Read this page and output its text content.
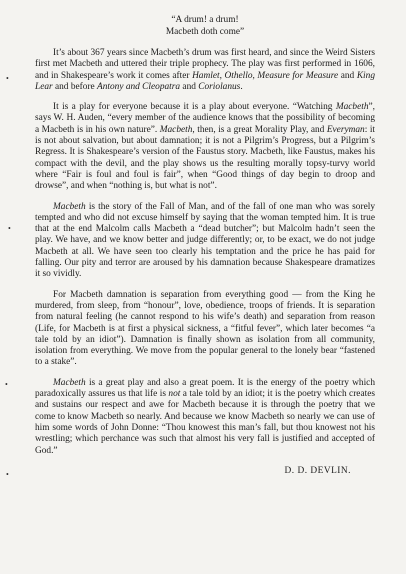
•
•
•
•
“A drum! a drum!
Macbeth doth come”

It’s about 367 years since Macbeth’s drum was first heard, and since the Weird Sisters first met Macbeth and uttered their triple prophecy. The play was first performed in 1606, and in Shakespeare’s work it comes after Hamlet, Othello, Measure for Measure and King Lear and before Antony and Cleopatra and Coriolanus.

It is a play for everyone because it is a play about everyone. “Watching Macbeth”, says W. H. Auden, “every member of the audience knows that the possibility of becoming a Macbeth is in his own nature”. Macbeth, then, is a great Morality Play, and Everyman: it is not about salvation, but about damnation; it is not a Pilgrim’s Progress, but a Pilgrim’s Regress. It is Shakespeare’s version of the Faustus story. Macbeth, like Faustus, makes his compact with the devil, and the play shows us the resulting morally topsy-turvy world where “Fair is foul and foul is fair”, when “Good things of day begin to droop and drowse”, and when “nothing is, but what is not”.

Macbeth is the story of the Fall of Man, and of the fall of one man who was sorely tempted and who did not excuse himself by saying that the woman tempted him. It is true that at the end Malcolm calls Macbeth a “dead butcher”; but Malcolm hadn’t seen the play. We have, and we know better and judge differently; or, to be exact, we do not judge Macbeth at all. We have seen too clearly his temptation and the price he has paid for falling. Our pity and terror are aroused by his damnation because Shakespeare dramatizes it so vividly.

For Macbeth damnation is separation from everything good — from the King he murdered, from sleep, from “honour”, love, obedience, troops of friends. It is separation from natural feeling (he cannot respond to his wife’s death) and separation from reason (Life, for Macbeth is at first a physical sickness, a “fitful fever”, which later becomes “a tale told by an idiot”). Damnation is finally shown as isolation from all community, isolation from everything. We move from the popular general to the lonely bear “fastened to a stake”.

Macbeth is a great play and also a great poem. It is the energy of the poetry which paradoxically assures us that life is not a tale told by an idiot; it is the poetry which creates and sustains our respect and awe for Macbeth because it is through the poetry that we come to know Macbeth so nearly. And because we know Macbeth so nearly we can use of him some words of John Donne: “Thou knowest this man’s fall, but thou knowest not his wrestling; which perchance was such that almost his very fall is justified and accepted of God.”

D. D. DEVLIN.
